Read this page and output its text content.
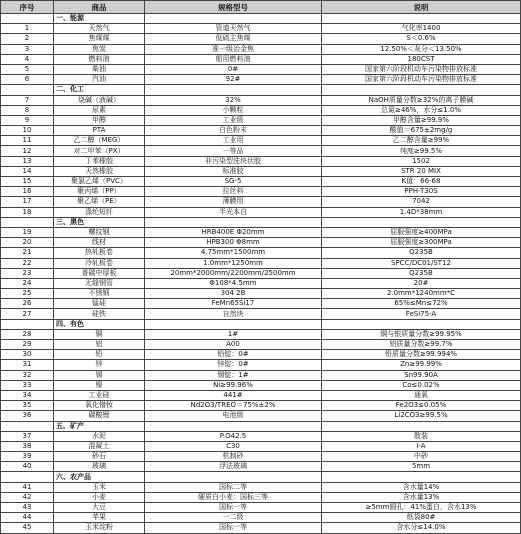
序号	商品	规格型号	说明
	一、能源		
1	天然气	管道天然气	气化率1400
2	焦煤煤	低硫主焦煤	S＜0.6%
3	焦炭	准一级冶金焦	12.50%＜灰分＜13.50%
4	燃料油	船用燃料油	180CST
5	柴油	0#	国家第六阶段机动车污染物排放标准
6	汽油	92#	国家第六阶段机动车污染物排放标准
	二、化工		
7	烧碱（液碱）	32%	NaOH质量分数≥32%的离子膜碱
8	尿素	小颗粒	总氮≥46%，水分≤1.0%
9	甲醇	工业级	甲醇含量≥99.9%
10	PTA	白色粉末	酸值＝675±2mg/g
11	乙二醇（MEG）	工业用	乙二醇含量≥99%
12	对二甲苯（PX）	一等品	纯度≥99.5%
13	丁苯橡胶	非污染型洗块状胶	1502
14	天然橡胶	标准胶	STR 20 MIX
15	聚氯乙烯（PVC）	SG-5	K值：66-68
16	聚丙烯（PP）	拉丝料	PPH-T30S
17	聚乙烯（PE）	薄膜用	7042
18	涤纶短纤	半光本白	1.4D*38mm
	三、黑色		
19	螺纹钢	HRB400E Φ20mm	屈服强度≥400MPa
20	线材	HPB300 Φ8mm	屈服强度≥300MPa
21	热轧板卷	4.75mm*1500mm	Q235B
22	冷轧板卷	1.0mm*1250mm	SPCC/DC01/ST12
23	普碳中厚板	20mm*2000mm/2200mm/2500mm	Q235B
24	无缝钢管	Φ108*4.5mm	20#
25	不锈钢	304 2B	2.0mm*1240mm*C
26	锰硅	FeMn65Si17	65%≤Mn≤72%
27	硅铁	自然块	FeSi75-A
	四、有色		
28	铜	1#	铜与银质量分数≥99.95%
29	铝	A00	铝质量分数≥99.7%
30	铅	铅锭：0#	铅质量分数≥99.994%
31	锌	锌锭：0#	Zn≥99.99%
32	锡	锡锭：1#	Sn99.90A
33	镍	Ni≥99.96%	Co≤0.02%
34	工业硅	441#	通氧
35	氧化镨钕	Nd2O3/TREO＝75%±2%	Fe2O3≤0.05%
36	碳酸锂	电池级	Li2CO3≥99.5%
	五、矿产		
37	水泥	P.O42.5	散装
38	混凝土	C30	I-A
39	砂石	机制砂	中砂
40	玻璃	浮法玻璃	5mm
	六、农产品		
41	玉米	国标二等	含水量14%
42	小麦	硬质白小麦：国标三等	含水量13%
43	大豆	国标一等	≥5mm圆孔：41%蛋白，含水13%
44	苹果	一二级	纸袋80#
45	玉米淀粉	国标一等	含水分≤14.0%
